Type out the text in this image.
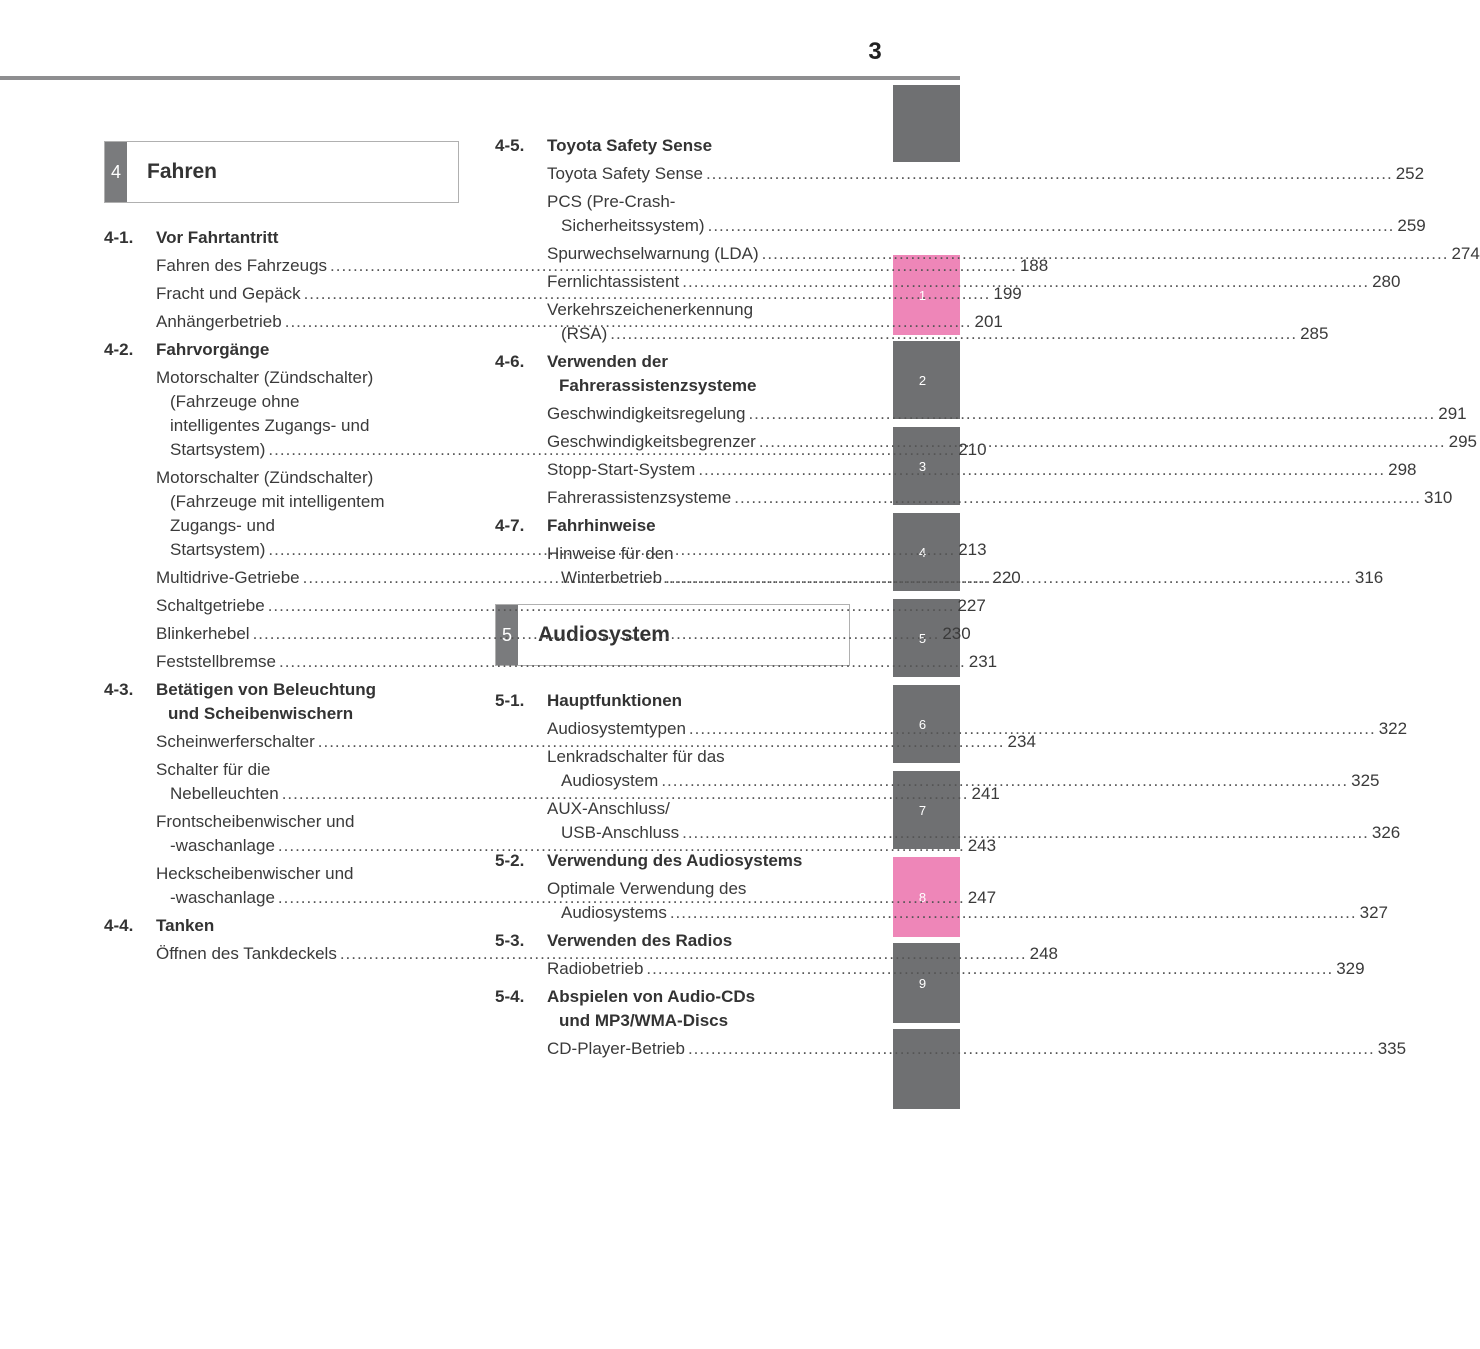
3
1
2
3
4
5
6
7
8
9
4	Fahren
5	Audiosystem
4-1.	Vor Fahrtantritt
Fahren des Fahrzeugs .....	188
Fracht und Gepäck .....	199
Anhängerbetrieb .....	201
4-2.	Fahrvorgänge
Motorschalter (Zündschalter)
(Fahrzeuge ohne
intelligentes Zugangs- und
Startsystem) .....	210
Motorschalter (Zündschalter)
(Fahrzeuge mit intelligentem
Zugangs- und
Startsystem) .....	213
Multidrive-Getriebe .....	220
Schaltgetriebe .....	227
Blinkerhebel .....	230
Feststellbremse .....	231
4-3.	Betätigen von Beleuchtung
und Scheibenwischern
Scheinwerferschalter .....	234
Schalter für die
Nebelleuchten .....	241
Frontscheibenwischer und
-waschanlage .....	243
Heckscheibenwischer und
-waschanlage .....	247
4-4.	Tanken
Öffnen des Tankdeckels .....	248
4-5.	Toyota Safety Sense
Toyota Safety Sense .....	252
PCS (Pre-Crash-
Sicherheitssystem) .....	259
Spurwechselwarnung (LDA) .....	274
Fernlichtassistent .....	280
Verkehrszeichenerkennung
(RSA) .....	285
4-6.	Verwenden der
Fahrerassistenzsysteme
Geschwindigkeitsregelung .....	291
Geschwindigkeitsbegrenzer .....	295
Stopp-Start-System .....	298
Fahrerassistenzsysteme .....	310
4-7.	Fahrhinweise
Hinweise für den
Winterbetrieb .....	316
5-1.	Hauptfunktionen
Audiosystemtypen .....	322
Lenkradschalter für das
Audiosystem .....	325
AUX-Anschluss/
USB-Anschluss .....	326
5-2.	Verwendung des Audiosystems
Optimale Verwendung des
Audiosystems .....	327
5-3.	Verwenden des Radios
Radiobetrieb .....	329
5-4.	Abspielen von Audio-CDs
und MP3/WMA-Discs
CD-Player-Betrieb .....	335
